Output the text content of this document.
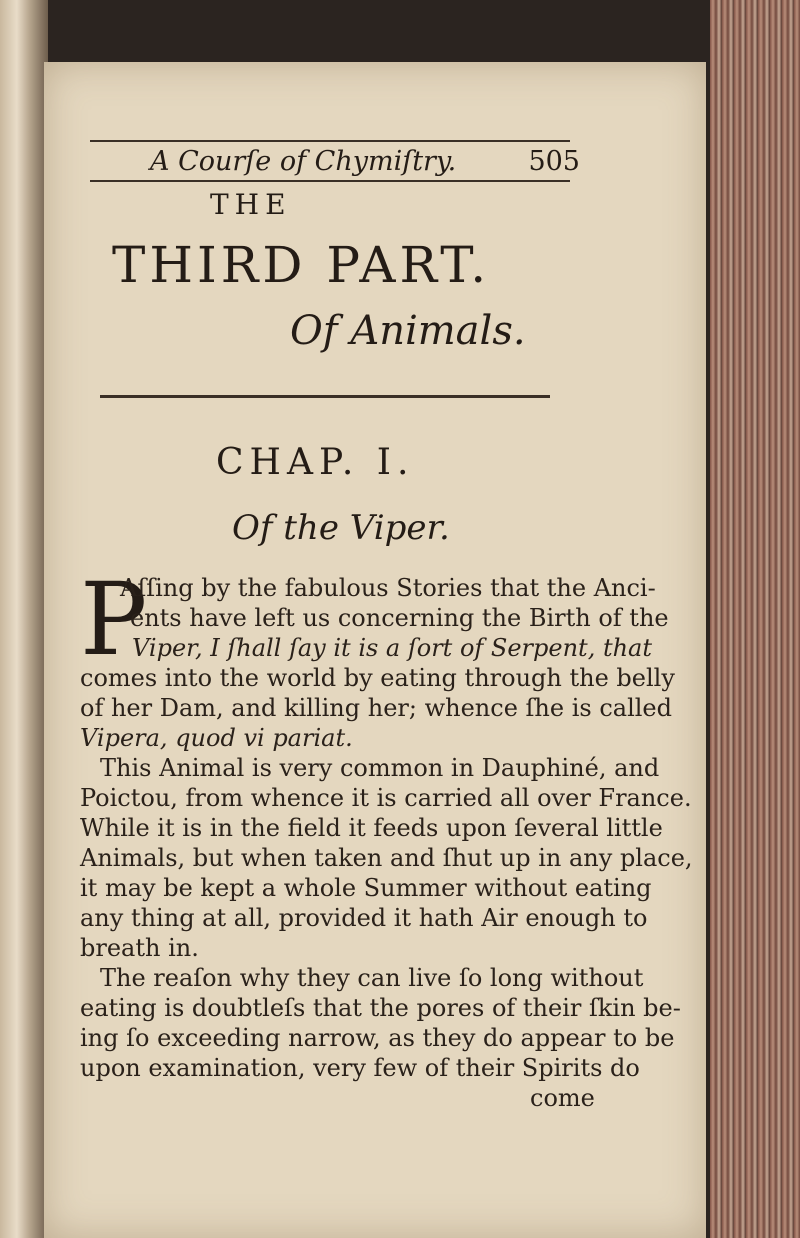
A Courſe of Chymiſtry.	505
THE
THIRD PART.
Of Animals.
CHAP. I.
Of the Viper.
P
Aſſing by the fabulous Stories that the Anci-
ents have left us concerning the Birth of the
Viper, I ſhall ſay it is a ſort of Serpent, that
comes into the world by eating through the belly
of her Dam, and killing her; whence ſhe is called
Vipera, quod vi pariat.
This Animal is very common in Dauphiné, and
Poictou, from whence it is carried all over France.
While it is in the field it feeds upon ſeveral little
Animals, but when taken and ſhut up in any place,
it may be kept a whole Summer without eating
any thing at all, provided it hath Air enough to
breath in.
The reaſon why they can live ſo long without
eating is doubtleſs that the pores of their ſkin be-
ing ſo exceeding narrow, as they do appear to be
upon examination, very few of their Spirits do
come
